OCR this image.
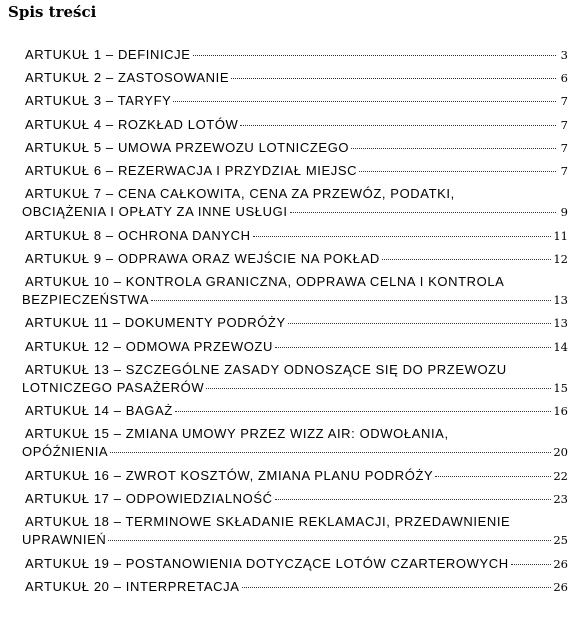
Spis treści
ARTUKUŁ 1 – DEFINICJE	3
ARTUKUŁ 2 – ZASTOSOWANIE	6
ARTUKUŁ 3 – TARYFY	7
ARTUKUŁ 4 – ROZKŁAD LOTÓW	7
ARTUKUŁ 5 – UMOWA PRZEWOZU LOTNICZEGO	7
ARTUKUŁ 6 – REZERWACJA I PRZYDZIAŁ MIEJSC	7
ARTUKUŁ 7 – CENA CAŁKOWITA, CENA ZA PRZEWÓZ, PODATKI,
OBCIĄŻENIA I OPŁATY ZA INNE USŁUGI	9
ARTUKUŁ 8 – OCHRONA DANYCH	11
ARTUKUŁ 9 – ODPRAWA ORAZ WEJŚCIE NA POKŁAD	12
ARTUKUŁ 10 – KONTROLA GRANICZNA, ODPRAWA CELNA I KONTROLA
BEZPIECZEŃSTWA	13
ARTUKUŁ 11 – DOKUMENTY PODRÓŻY	13
ARTUKUŁ 12 – ODMOWA PRZEWOZU	14
ARTUKUŁ 13 – SZCZEGÓLNE ZASADY ODNOSZĄCE SIĘ DO PRZEWOZU
LOTNICZEGO PASAŻERÓW	15
ARTUKUŁ 14 – BAGAŻ	16
ARTUKUŁ 15 – ZMIANA UMOWY PRZEZ WIZZ AIR: ODWOŁANIA,
OPÓŹNIENIA	20
ARTUKUŁ 16 – ZWROT KOSZTÓW, ZMIANA PLANU PODRÓŻY	22
ARTUKUŁ 17 – ODPOWIEDZIALNOŚĆ	23
ARTUKUŁ 18 – TERMINOWE SKŁADANIE REKLAMACJI, PRZEDAWNIENIE
UPRAWNIEŃ	25
ARTUKUŁ 19 – POSTANOWIENIA DOTYCZĄCE LOTÓW CZARTEROWYCH	26
ARTUKUŁ 20 – INTERPRETACJA	26
